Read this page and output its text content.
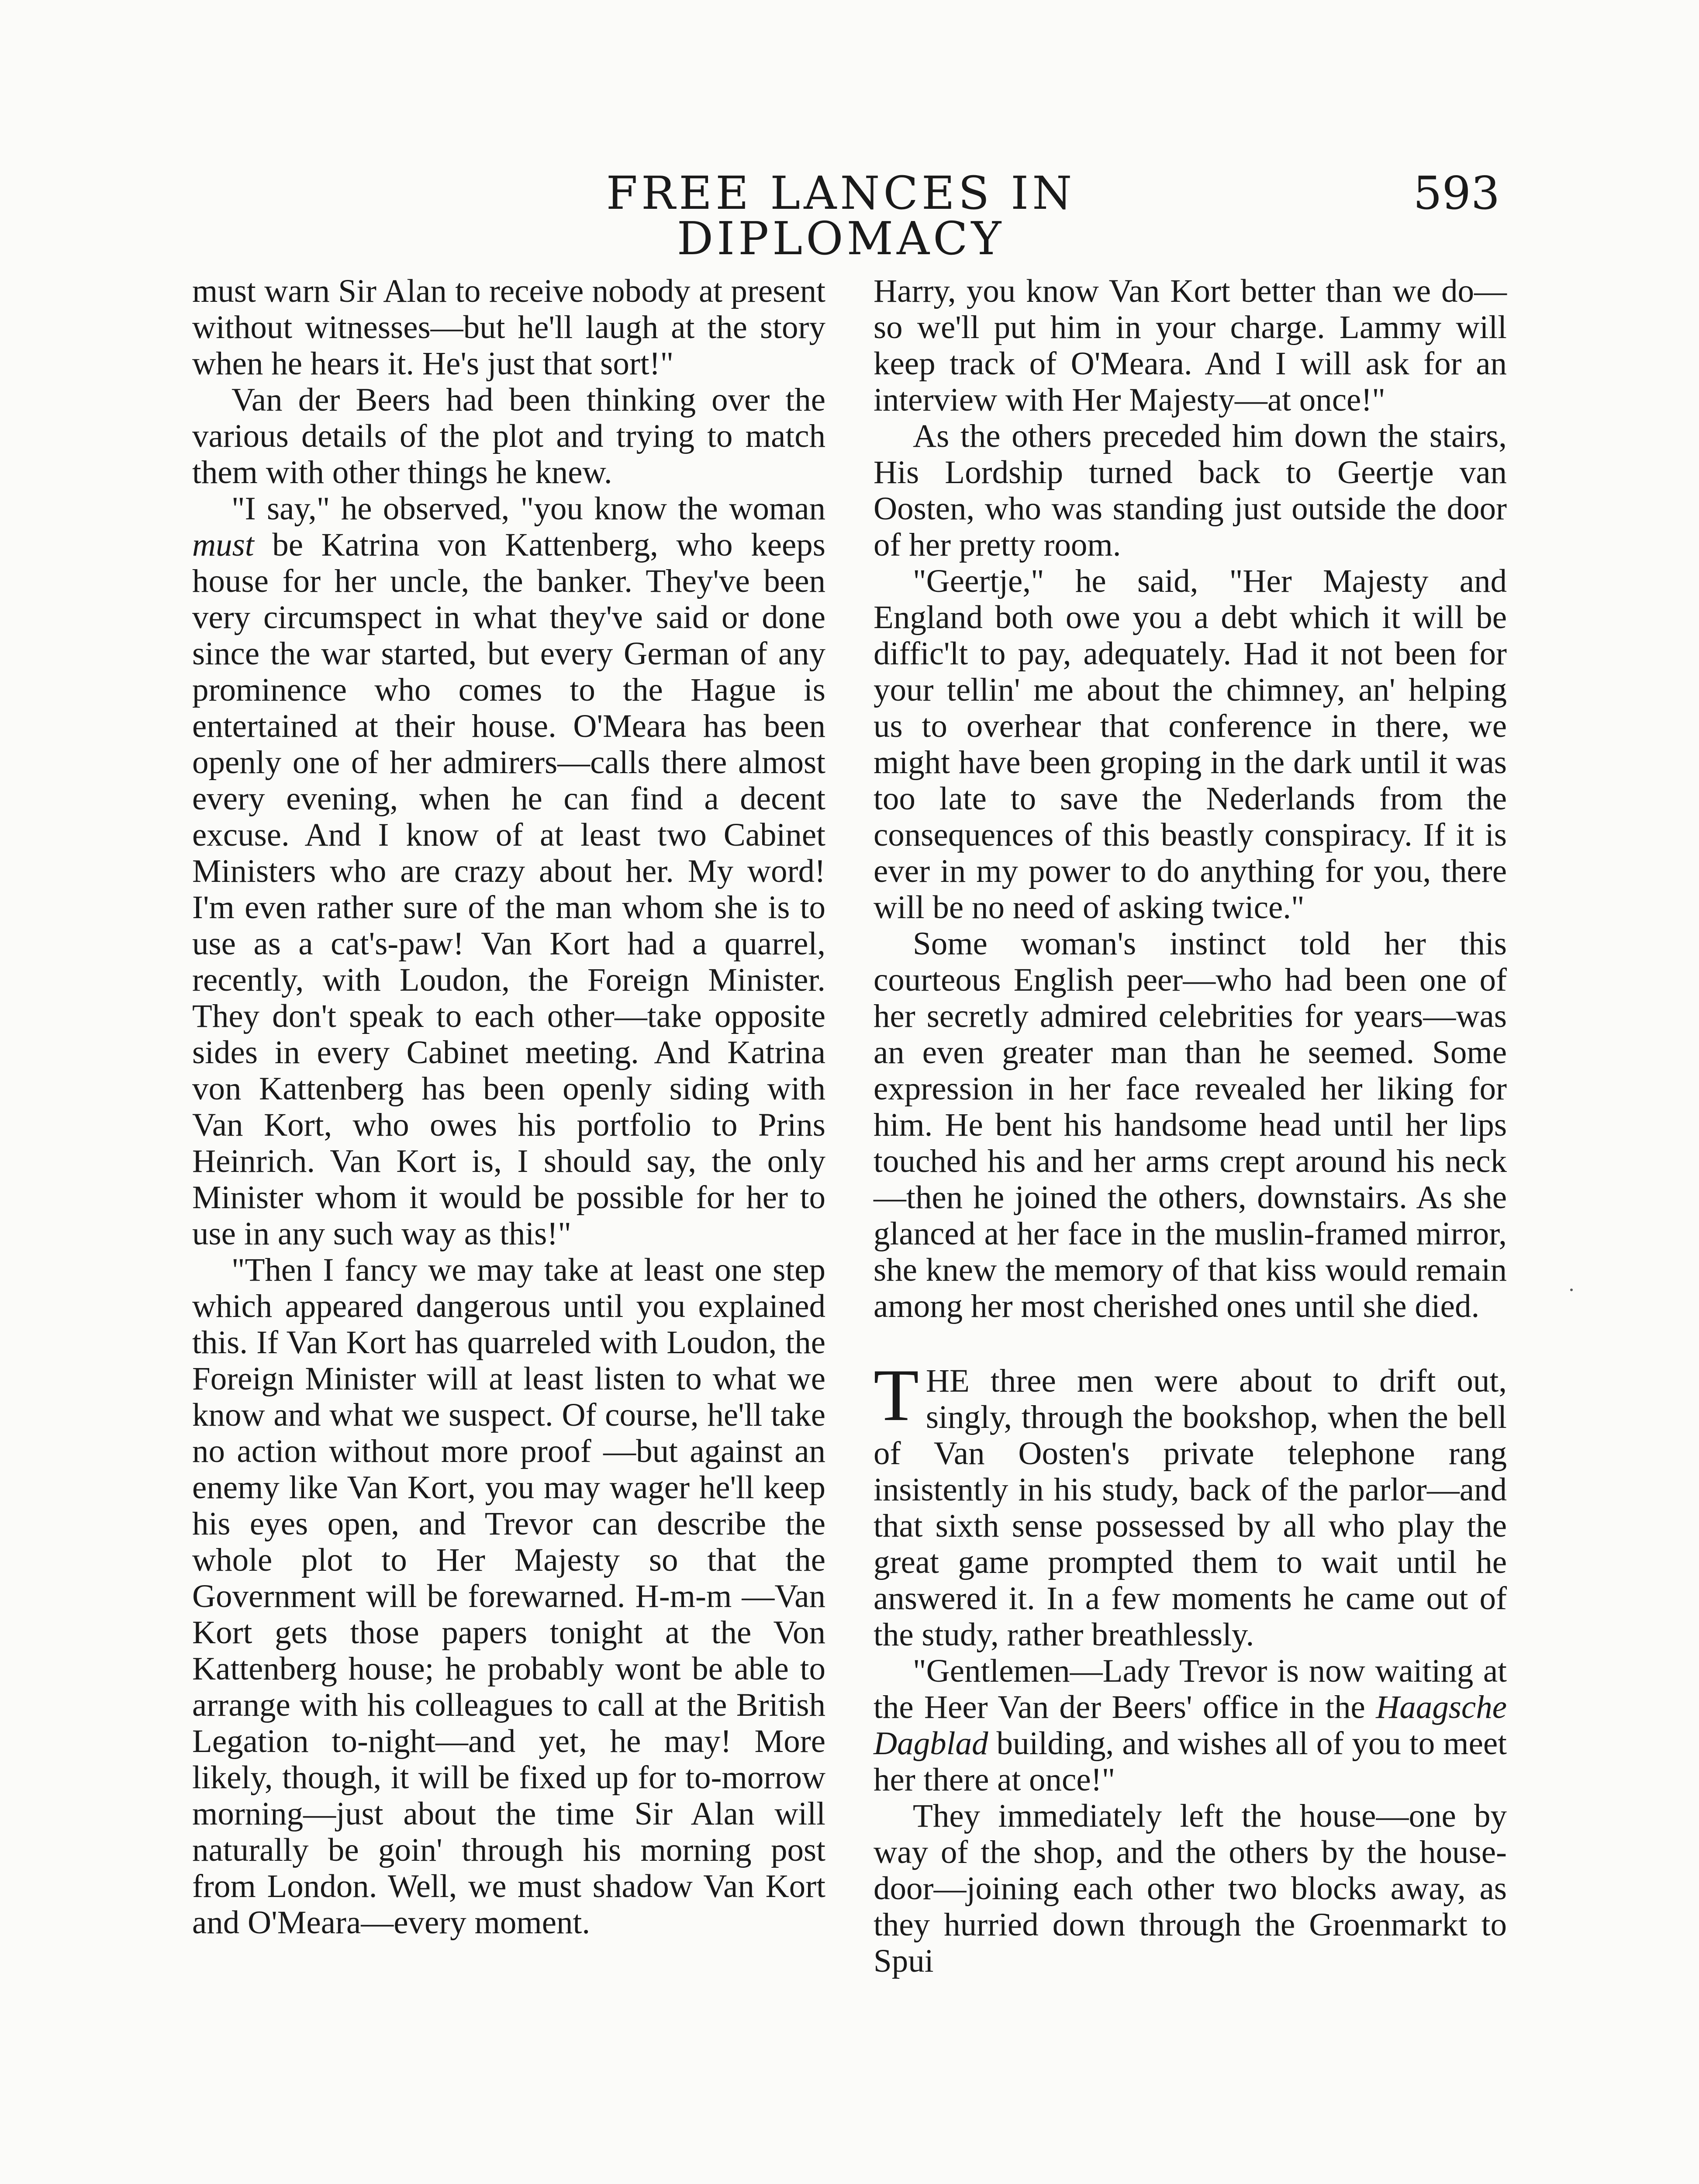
FREE LANCES IN DIPLOMACY
593

must warn Sir Alan to receive nobody at present without witnesses—but he'll laugh at the story when he hears it. He's just that sort!"

Van der Beers had been thinking over the various details of the plot and trying to match them with other things he knew.

"I say," he observed, "you know the woman must be Katrina von Kattenberg, who keeps house for her uncle, the banker. They've been very circumspect in what they've said or done since the war started, but every German of any prominence who comes to the Hague is entertained at their house. O'Meara has been openly one of her admirers—calls there almost every evening, when he can find a decent excuse. And I know of at least two Cabinet Ministers who are crazy about her. My word! I'm even rather sure of the man whom she is to use as a cat's-paw! Van Kort had a quarrel, recently, with Loudon, the Foreign Minister. They don't speak to each other—take opposite sides in every Cabinet meeting. And Katrina von Kattenberg has been openly siding with Van Kort, who owes his portfolio to Prins Heinrich. Van Kort is, I should say, the only Minister whom it would be possible for her to use in any such way as this!"

"Then I fancy we may take at least one step which appeared dangerous until you explained this. If Van Kort has quarreled with Loudon, the Foreign Minister will at least listen to what we know and what we suspect. Of course, he'll take no action without more proof —but against an enemy like Van Kort, you may wager he'll keep his eyes open, and Trevor can describe the whole plot to Her Majesty so that the Government will be forewarned. H-m-m —Van Kort gets those papers tonight at the Von Kattenberg house; he probably wont be able to arrange with his colleagues to call at the British Legation to-night—and yet, he may! More likely, though, it will be fixed up for to-morrow morning—just about the time Sir Alan will naturally be goin' through his morning post from London. Well, we must shadow Van Kort and O'Meara—every moment.

Harry, you know Van Kort better than we do—so we'll put him in your charge. Lammy will keep track of O'Meara. And I will ask for an interview with Her Majesty—at once!"

As the others preceded him down the stairs, His Lordship turned back to Geertje van Oosten, who was standing just outside the door of her pretty room.

"Geertje," he said, "Her Majesty and England both owe you a debt which it will be diffic'lt to pay, adequately. Had it not been for your tellin' me about the chimney, an' helping us to overhear that conference in there, we might have been groping in the dark until it was too late to save the Nederlands from the consequences of this beastly conspiracy. If it is ever in my power to do anything for you, there will be no need of asking twice."

Some woman's instinct told her this courteous English peer—who had been one of her secretly admired celebrities for years—was an even greater man than he seemed. Some expression in her face revealed her liking for him. He bent his handsome head until her lips touched his and her arms crept around his neck—then he joined the others, downstairs. As she glanced at her face in the muslin-framed mirror, she knew the memory of that kiss would remain among her most cherished ones until she died.

THE three men were about to drift out, singly, through the bookshop, when the bell of Van Oosten's private telephone rang insistently in his study, back of the parlor—and that sixth sense possessed by all who play the great game prompted them to wait until he answered it. In a few moments he came out of the study, rather breathlessly.

"Gentlemen—Lady Trevor is now waiting at the Heer Van der Beers' office in the Haagsche Dagblad building, and wishes all of you to meet her there at once!"

They immediately left the house—one by way of the shop, and the others by the house-door—joining each other two blocks away, as they hurried down through the Groenmarkt to Spui
